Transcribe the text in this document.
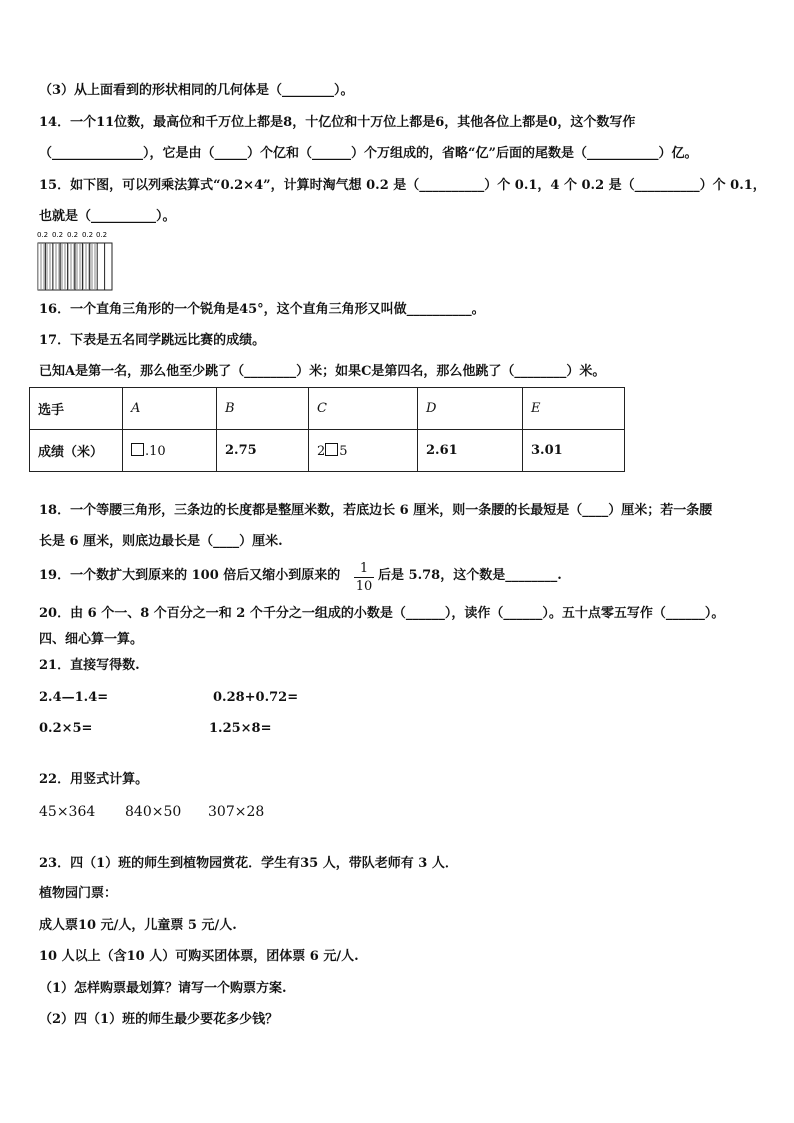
（3）从上面看到的形状相同的几何体是（________）。
14．一个11位数，最高位和千万位上都是8，十亿位和十万位上都是6，其他各位上都是0，这个数写作
（______________），它是由（_____）个亿和（______）个万组成的，省略“亿”后面的尾数是（___________）亿。
15．如下图，可以列乘法算式“0.2×4”，计算时淘气想 0.2 是（__________）个 0.1，4 个 0.2 是（__________）个 0.1，
也就是（__________）。
0.2 0.2 0.2 0.2 0.2
16．一个直角三角形的一个锐角是45°，这个直角三角形又叫做__________。
17．下表是五名同学跳远比赛的成绩。
已知A是第一名，那么他至少跳了（________）米；如果C是第四名，那么他跳了（________）米。
选手	A	B	C	D	E
成绩（米）	.10	2.75	2 5	2.61	3.01
18．一个等腰三角形，三条边的长度都是整厘米数，若底边长 6 厘米，则一条腰的长最短是（____）厘米；若一条腰
长是 6 厘米，则底边最长是（____）厘米.
19．一个数扩大到原来的 100 倍后又缩小到原来的	1
10
后是 5.78，这个数是________.
20．由 6 个一、8 个百分之一和 2 个千分之一组成的小数是（______），读作（______）。五十点零五写作（______）。
四、细心算一算。
21．直接写得数.
2.4—1.4=	0.28+0.72=
0.2×5=	1.25×8=
22．用竖式计算。
45×364 840×50 307×28
23．四（1）班的师生到植物园赏花．学生有35 人，带队老师有 3 人．
植物园门票：
成人票10 元/人，儿童票 5 元/人.
10 人以上（含10 人）可购买团体票，团体票 6 元/人.
（1）怎样购票最划算？请写一个购票方案.
（2）四（1）班的师生最少要花多少钱？
